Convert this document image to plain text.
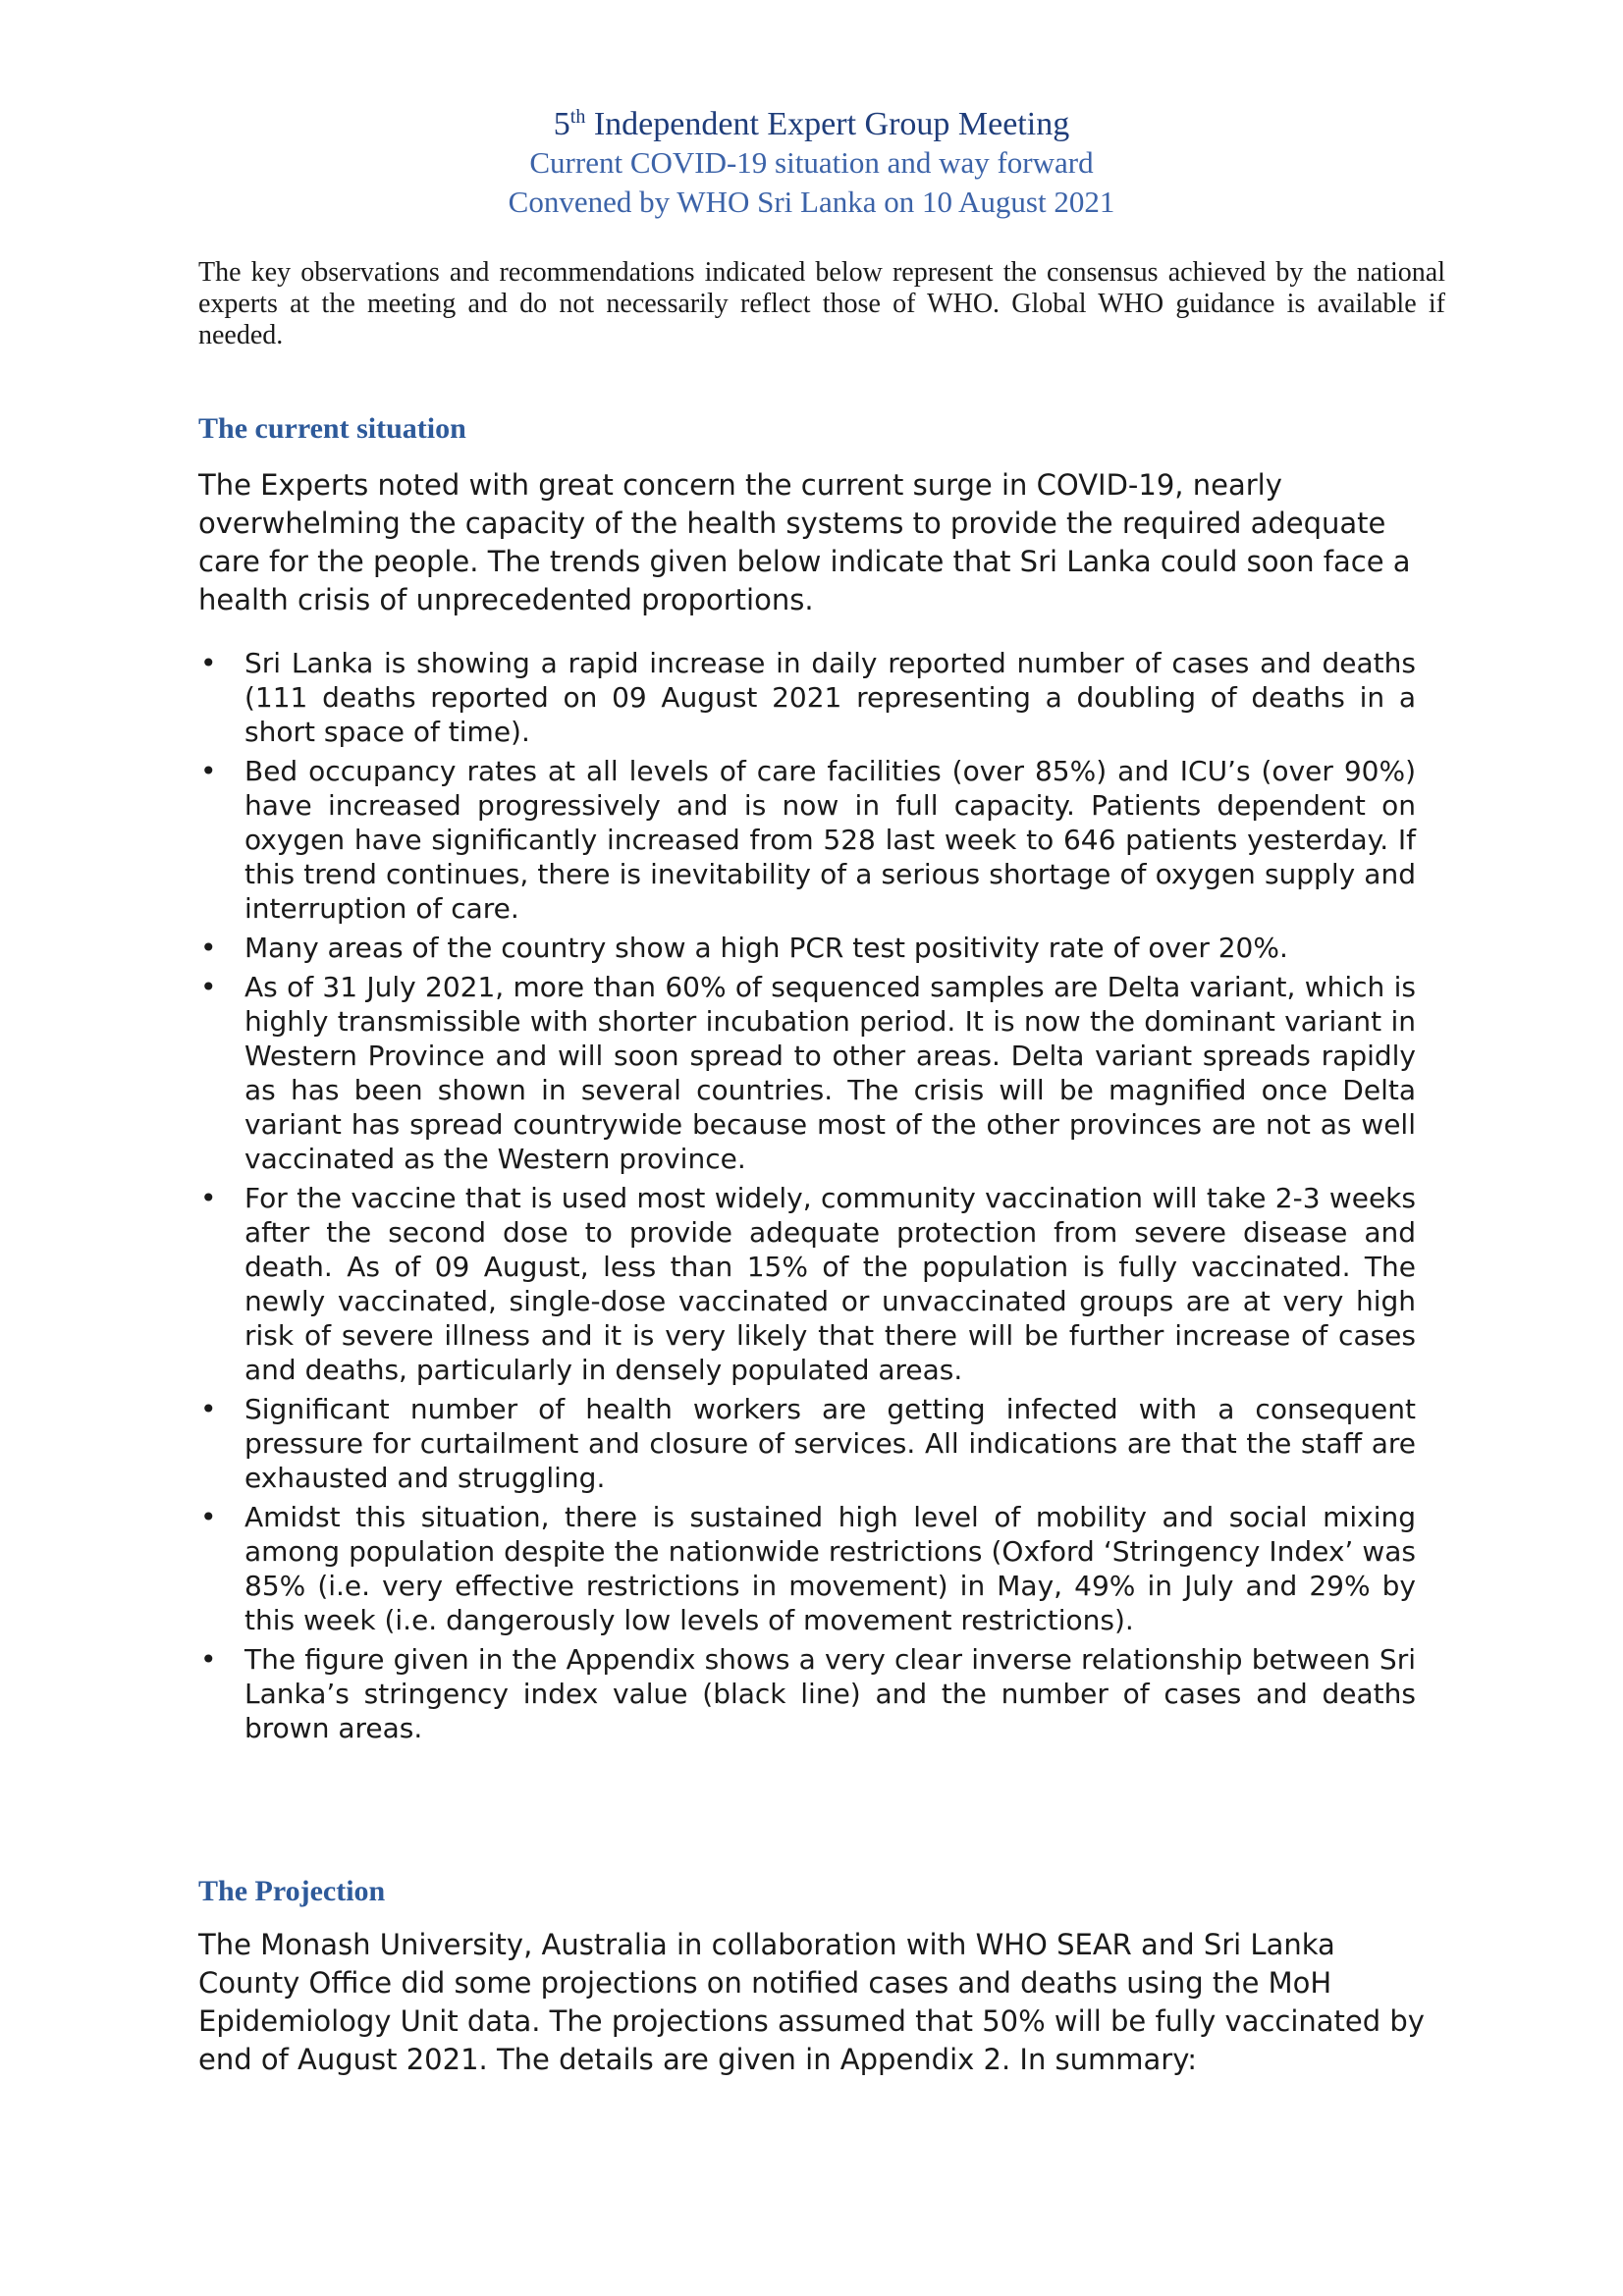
5th Independent Expert Group Meeting
Current COVID-19 situation and way forward
Convened by WHO Sri Lanka on 10 August 2021

The key observations and recommendations indicated below represent the consensus achieved by the national experts at the meeting and do not necessarily reflect those of WHO. Global WHO guidance is available if needed.

The current situation

The Experts noted with great concern the current surge in COVID-19, nearly overwhelming the capacity of the health systems to provide the required adequate care for the people. The trends given below indicate that Sri Lanka could soon face a health crisis of unprecedented proportions.

• Sri Lanka is showing a rapid increase in daily reported number of cases and deaths (111 deaths reported on 09 August 2021 representing a doubling of deaths in a short space of time).
• Bed occupancy rates at all levels of care facilities (over 85%) and ICU’s (over 90%) have increased progressively and is now in full capacity. Patients dependent on oxygen have significantly increased from 528 last week to 646 patients yesterday. If this trend continues, there is inevitability of a serious shortage of oxygen supply and interruption of care.
• Many areas of the country show a high PCR test positivity rate of over 20%.
• As of 31 July 2021, more than 60% of sequenced samples are Delta variant, which is highly transmissible with shorter incubation period. It is now the dominant variant in Western Province and will soon spread to other areas. Delta variant spreads rapidly as has been shown in several countries. The crisis will be magnified once Delta variant has spread countrywide because most of the other provinces are not as well vaccinated as the Western province.
• For the vaccine that is used most widely, community vaccination will take 2-3 weeks after the second dose to provide adequate protection from severe disease and death. As of 09 August, less than 15% of the population is fully vaccinated. The newly vaccinated, single-dose vaccinated or unvaccinated groups are at very high risk of severe illness and it is very likely that there will be further increase of cases and deaths, particularly in densely populated areas.
• Significant number of health workers are getting infected with a consequent pressure for curtailment and closure of services. All indications are that the staff are exhausted and struggling.
• Amidst this situation, there is sustained high level of mobility and social mixing among population despite the nationwide restrictions (Oxford ‘Stringency Index’ was 85% (i.e. very effective restrictions in movement) in May, 49% in July and 29% by this week (i.e. dangerously low levels of movement restrictions).
• The figure given in the Appendix shows a very clear inverse relationship between Sri Lanka’s stringency index value (black line) and the number of cases and deaths brown areas.
The Projection

The Monash University, Australia in collaboration with WHO SEAR and Sri Lanka County Office did some projections on notified cases and deaths using the MoH Epidemiology Unit data. The projections assumed that 50% will be fully vaccinated by end of August 2021. The details are given in Appendix 2. In summary:
